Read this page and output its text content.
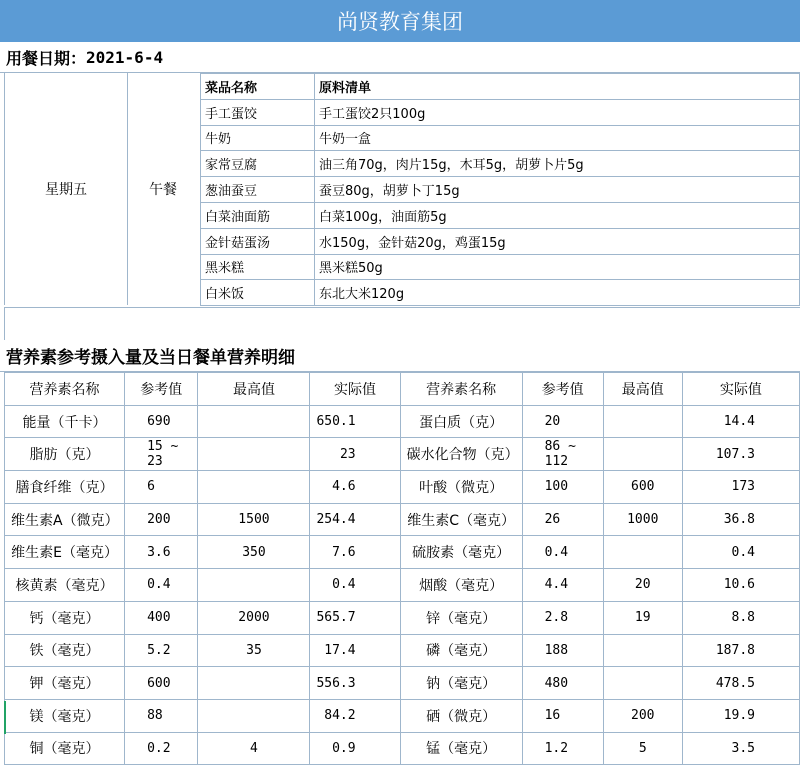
尚贤教育集团
用餐日期： 2021-6-4
星期五	午餐
菜品名称	原料清单
手工蛋饺	手工蛋饺2只100g
牛奶	牛奶一盒
家常豆腐	油三角70g，肉片15g，木耳5g，胡萝卜片5g
葱油蚕豆	蚕豆80g，胡萝卜丁15g
白菜油面筋	白菜100g，油面筋5g
金针菇蛋汤	水150g，金针菇20g，鸡蛋15g
黑米糕	黑米糕50g
白米饭	东北大米120g
营养素参考摄入量及当日餐单营养明细
营养素名称	参考值	最高值	实际值	营养素名称	参考值	最高值	实际值
能量（千卡）	690		650.1	蛋白质（克）	20		14.4
脂肪（克）	15 ~ 23		23	碳水化合物（克）	86 ~ 112		107.3
膳食纤维（克）	6		4.6	叶酸（微克）	100	600	173
维生素A（微克）	200	1500	254.4	维生素C（毫克）	26	1000	36.8
维生素E（毫克）	3.6	350	7.6	硫胺素（毫克）	0.4		0.4
核黄素（毫克）	0.4		0.4	烟酸（毫克）	4.4	20	10.6
钙（毫克）	400	2000	565.7	锌（毫克）	2.8	19	8.8
铁（毫克）	5.2	35	17.4	磷（毫克）	188		187.8
钾（毫克）	600		556.3	钠（毫克）	480		478.5
镁（毫克）	88		84.2	硒（微克）	16	200	19.9
铜（毫克）	0.2	4	0.9	锰（毫克）	1.2	5	3.5
